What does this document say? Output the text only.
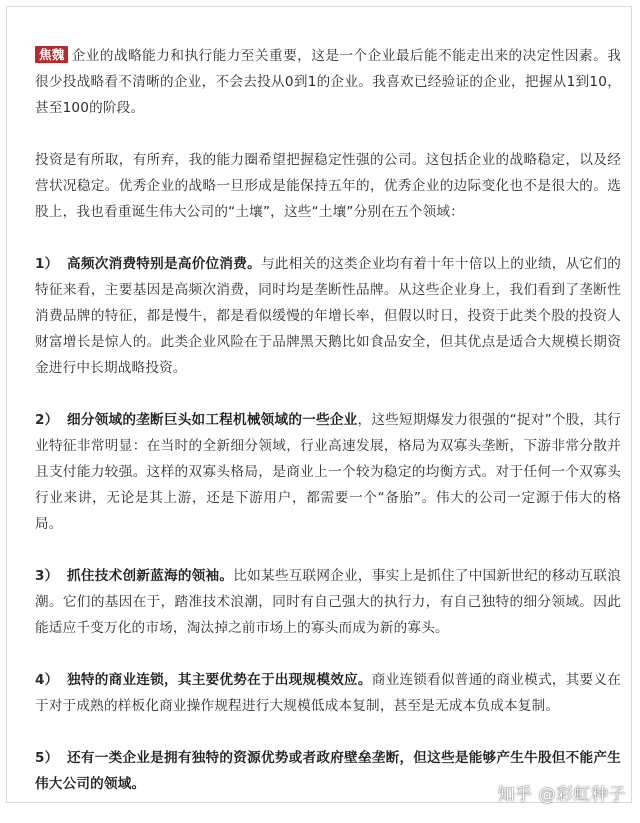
焦魏 企业的战略能力和执行能力至关重要，这是一个企业最后能不能走出来的决定性因素。我很少投战略看不清晰的企业，不会去投从0到1的企业。我喜欢已经验证的企业，把握从1到10，甚至100的阶段。

投资是有所取，有所弃，我的能力圈希望把握稳定性强的公司。这包括企业的战略稳定，以及经营状况稳定。优秀企业的战略一旦形成是能保持五年的，优秀企业的边际变化也不是很大的。选股上，我也看重诞生伟大公司的“土壤”，这些“土壤”分别在五个领域：

1） 高频次消费特别是高价位消费。与此相关的这类企业均有着十年十倍以上的业绩，从它们的特征来看，主要基因是高频次消费，同时均是垄断性品牌。从这些企业身上，我们看到了垄断性消费品牌的特征，都是慢牛，都是看似缓慢的年增长率，但假以时日，投资于此类个股的投资人财富增长是惊人的。此类企业风险在于品牌黑天鹅比如食品安全，但其优点是适合大规模长期资金进行中长期战略投资。

2） 细分领域的垄断巨头如工程机械领域的一些企业，这些短期爆发力很强的“捉对”个股，其行业特征非常明显：在当时的全新细分领域，行业高速发展，格局为双寡头垄断，下游非常分散并且支付能力较强。这样的双寡头格局，是商业上一个较为稳定的均衡方式。对于任何一个双寡头行业来讲，无论是其上游，还是下游用户，都需要一个“备胎”。伟大的公司一定源于伟大的格局。

3） 抓住技术创新蓝海的领袖。比如某些互联网企业，事实上是抓住了中国新世纪的移动互联浪潮。它们的基因在于，踏准技术浪潮，同时有自己强大的执行力，有自己独特的细分领域。因此能适应千变万化的市场，淘汰掉之前市场上的寡头而成为新的寡头。

4） 独特的商业连锁，其主要优势在于出现规模效应。商业连锁看似普通的商业模式，其要义在于对于成熟的样板化商业操作规程进行大规模低成本复制，甚至是无成本负成本复制。

5） 还有一类企业是拥有独特的资源优势或者政府壁垒垄断，但这些是能够产生牛股但不能产生伟大公司的领域。

知乎 @彩虹种子
